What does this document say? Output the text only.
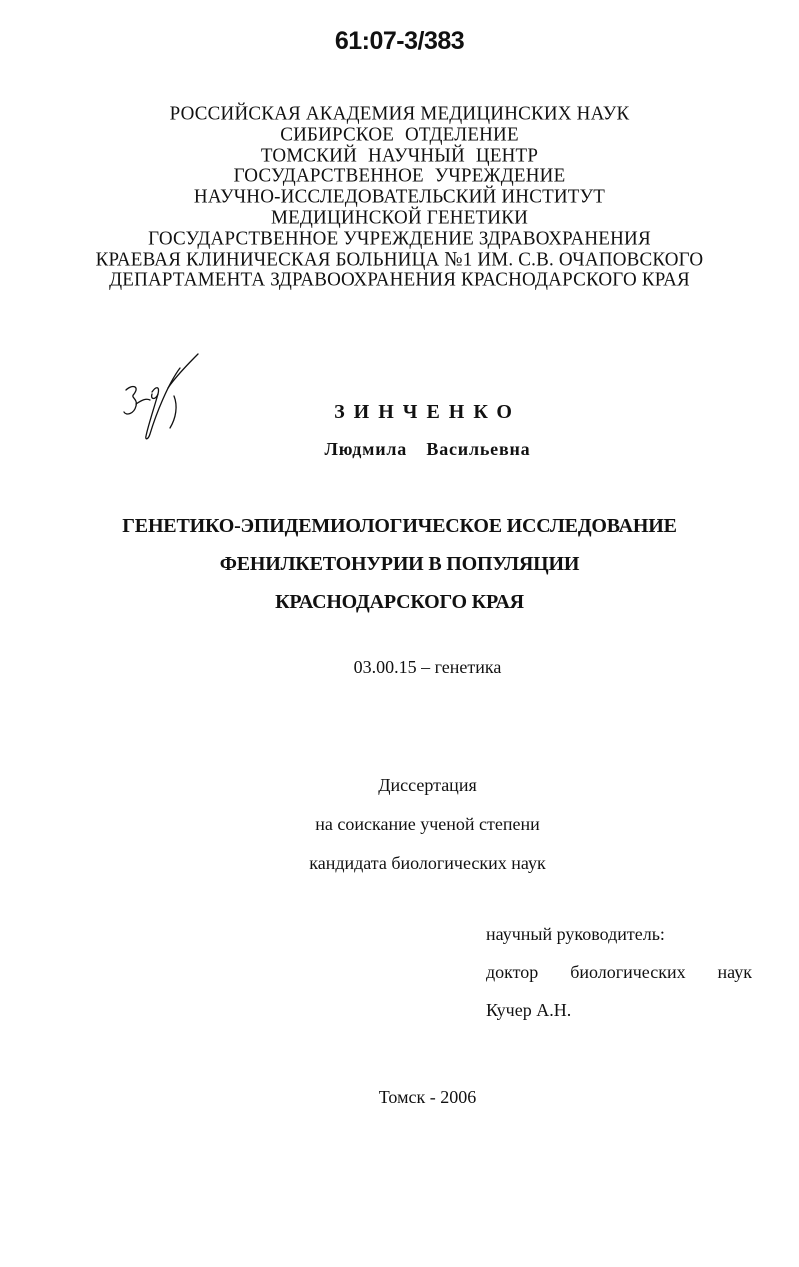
61:07-3/383
РОССИЙСКАЯ АКАДЕМИЯ МЕДИЦИНСКИХ НАУК
СИБИРСКОЕ ОТДЕЛЕНИЕ
ТОМСКИЙ НАУЧНЫЙ ЦЕНТР
ГОСУДАРСТВЕННОЕ УЧРЕЖДЕНИЕ
НАУЧНО-ИССЛЕДОВАТЕЛЬСКИЙ ИНСТИТУТ
МЕДИЦИНСКОЙ ГЕНЕТИКИ
ГОСУДАРСТВЕННОЕ УЧРЕЖДЕНИЕ ЗДРАВОХРАНЕНИЯ
КРАЕВАЯ КЛИНИЧЕСКАЯ БОЛЬНИЦА №1 ИМ. С.В. ОЧАПОВСКОГО
ДЕПАРТАМЕНТА ЗДРАВООХРАНЕНИЯ КРАСНОДАРСКОГО КРАЯ
ЗИНЧЕНКО
Людмила Васильевна
ГЕНЕТИКО-ЭПИДЕМИОЛОГИЧЕСКОЕ ИССЛЕДОВАНИЕ
ФЕНИЛКЕТОНУРИИ В ПОПУЛЯЦИИ
КРАСНОДАРСКОГО КРАЯ
03.00.15 – генетика
Диссертация
на соискание ученой степени
кандидата биологических наук
научный руководитель:
доктор биологических наук
Кучер А.Н.
Томск - 2006
